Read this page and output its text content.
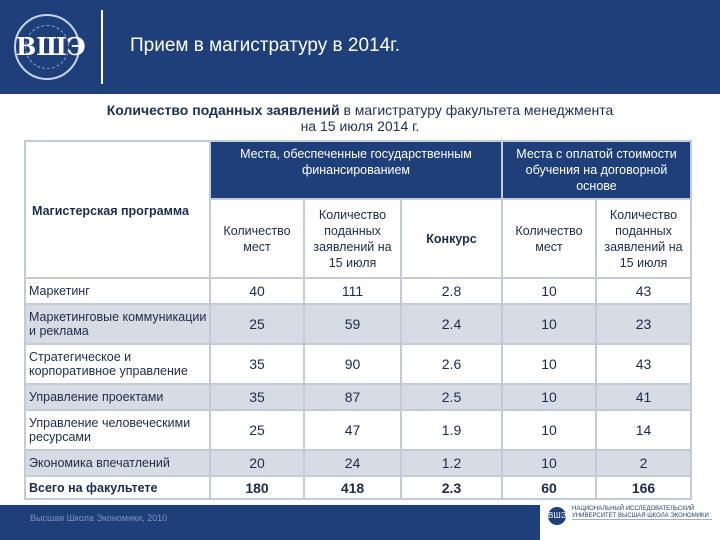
ВШЭ Прием в магистратуру в 2014г.
Количество поданных заявлений в магистратуру факультета менеджмента
на 15 июля 2014 г.
Магистерская программа
Места, обеспеченные государственным финансированием
Места с оплатой стоимости обучения на договорной основе
Количество мест
Количество поданных заявлений на 15 июля
Конкурс
Количество мест
Количество поданных заявлений на 15 июля
Маркетинг	40	111	2.8	10	43
Маркетинговые коммуникации и реклама	25	59	2.4	10	23
Стратегическое и корпоративное управление	35	90	2.6	10	43
Управление проектами	35	87	2.5	10	41
Управление человеческими ресурсами	25	47	1.9	10	14
Экономика впечатлений	20	24	1.2	10	2
Всего на факультете	180	418	2.3	60	166
Высшая Школа Экономики, 2010	ВШЭ
НАЦИОНАЛЬНЫЙ ИССЛЕДОВАТЕЛЬСКИЙ УНИВЕРСИТЕТ ВЫСШАЯ ШКОЛА ЭКОНОМИКИ
